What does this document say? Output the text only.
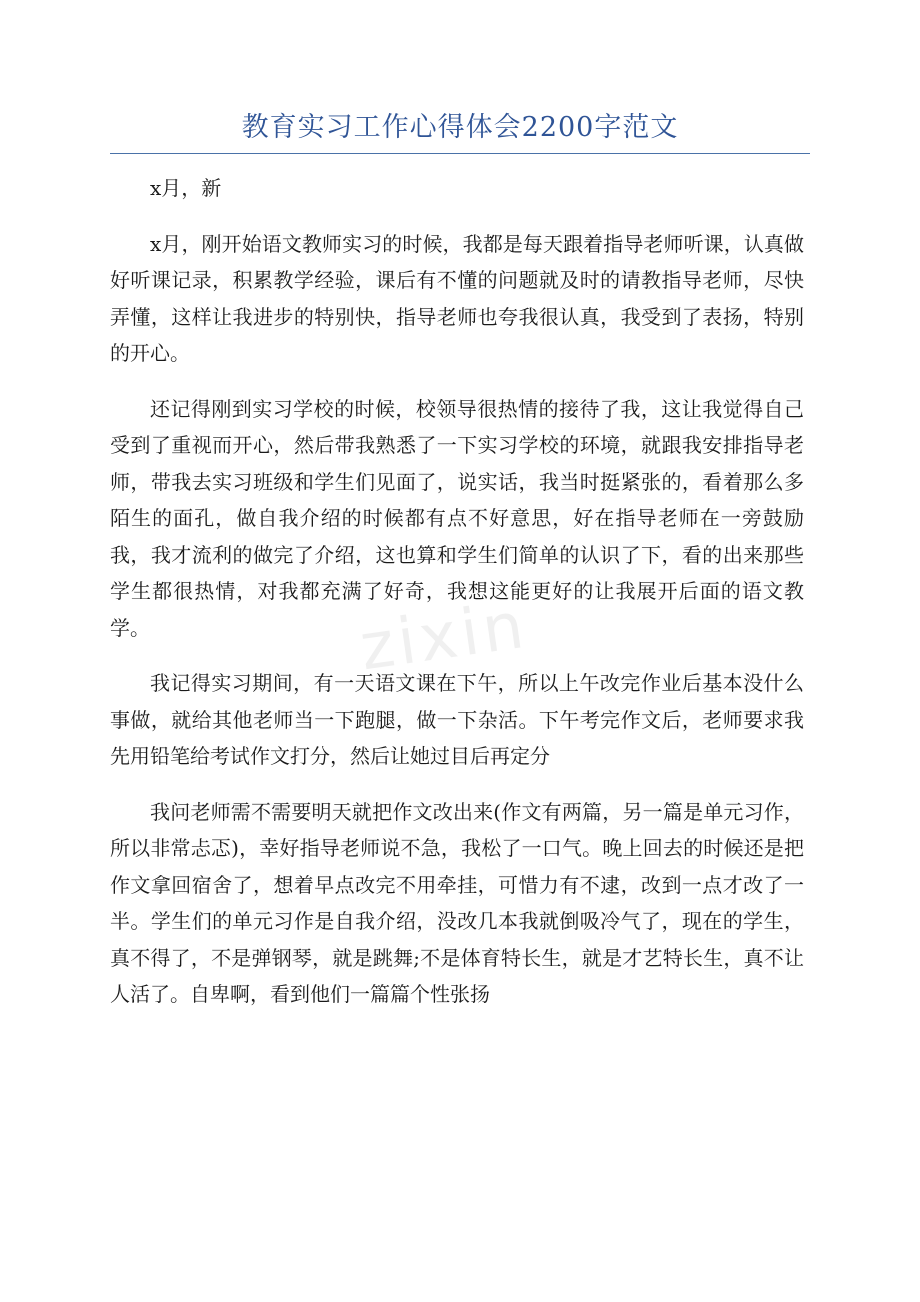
教育实习工作心得体会2200字范文
zixin

x月，新

x月，刚开始语文教师实习的时候，我都是每天跟着指导老师听课，认真做好听课记录，积累教学经验，课后有不懂的问题就及时的请教指导老师，尽快弄懂，这样让我进步的特别快，指导老师也夸我很认真，我受到了表扬，特别的开心。

还记得刚到实习学校的时候，校领导很热情的接待了我，这让我觉得自己受到了重视而开心，然后带我熟悉了一下实习学校的环境，就跟我安排指导老师，带我去实习班级和学生们见面了，说实话，我当时挺紧张的，看着那么多陌生的面孔，做自我介绍的时候都有点不好意思，好在指导老师在一旁鼓励我，我才流利的做完了介绍，这也算和学生们简单的认识了下，看的出来那些学生都很热情，对我都充满了好奇，我想这能更好的让我展开后面的语文教学。

我记得实习期间，有一天语文课在下午，所以上午改完作业后基本没什么事做，就给其他老师当一下跑腿，做一下杂活。下午考完作文后，老师要求我先用铅笔给考试作文打分，然后让她过目后再定分

我问老师需不需要明天就把作文改出来(作文有两篇，另一篇是单元习作，所以非常忐忑)，幸好指导老师说不急，我松了一口气。晚上回去的时候还是把作文拿回宿舍了，想着早点改完不用牵挂，可惜力有不逮，改到一点才改了一半。学生们的单元习作是自我介绍，没改几本我就倒吸冷气了，现在的学生，真不得了，不是弹钢琴，就是跳舞;不是体育特长生，就是才艺特长生，真不让人活了。自卑啊，看到他们一篇篇个性张扬
